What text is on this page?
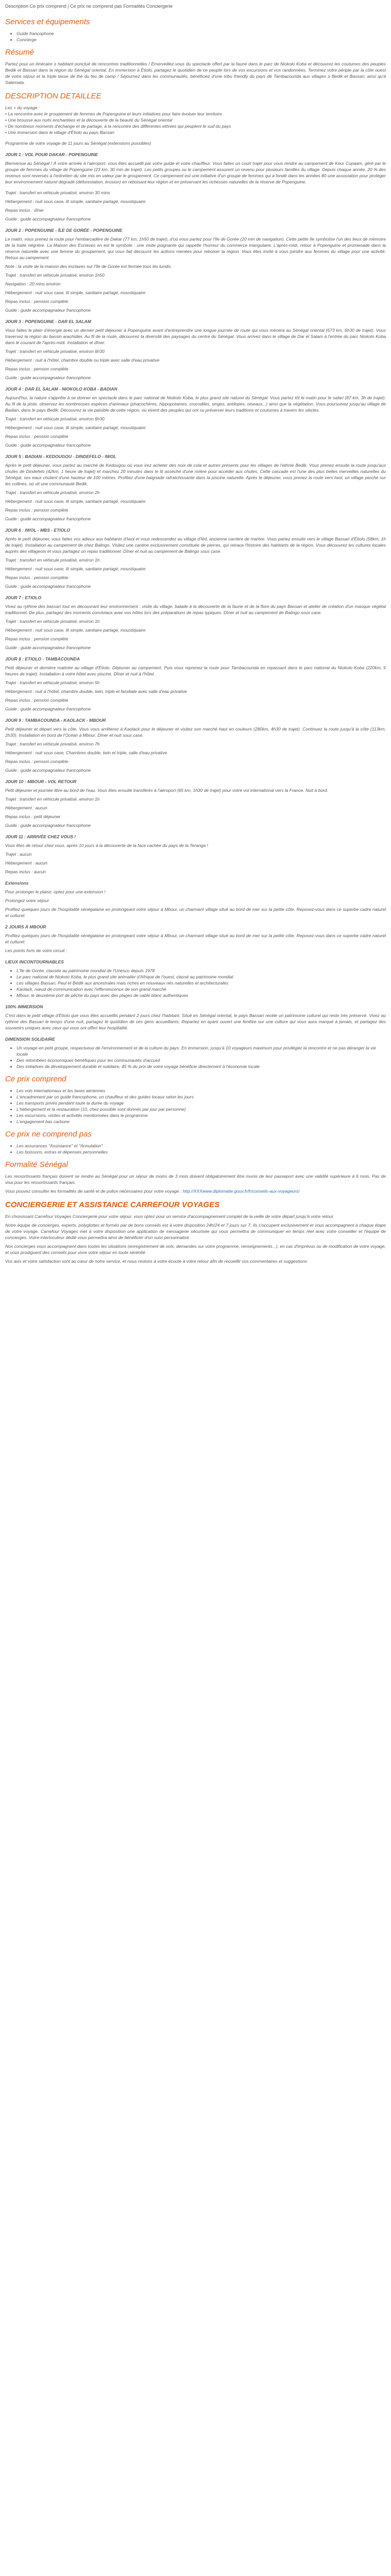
Description Ce prix comprend | Ce prix ne comprend pas Formalités Conciergerie
Services et équipements
• Guide francophone
• Concierge
Résumé

Partez pour un itinéraire ≥ habitant ponctué de rencontres traditionnelles ! Émerveillez-vous du spectacle offert par la faune dans le parc de Niokolo Koba et découvrez les coutumes des peuples Bedik et Bassari dans la région du Sénégal oriental. En immersion à Étiolo, partagez le quotidien de ce peuple lors de vos excursions et vos randonnées. Terminez votre périple par la côte ouest de votre séjour et la triple tasse de thé du feu de camp ! Séjournez dans les communautés, bénéficiez d'une tribu friendly du pays de Tambacounda aux villages ≥ Bedik et Bassari, ainsi qu'à Salemata.

DESCRIPTION DETAILLEE

Les + du voyage :

• La rencontre avec le groupement de femmes de Popenguine et leurs initiatives pour faire évoluer leur territoire

• Une brousse aux nuits enchantées et la découverte de la beauté du Sénégal oriental

• De nombreux moments d'échange et de partage, à la rencontre des différentes ethnies qui peuplent le sud du pays

• Une immersion dans le village d'Étiolo au pays Bassari

Programme de votre voyage de 11 jours au Sénégal (extensions possibles)

JOUR 1 : VOL POUR DAKAR - POPENGUINE

Bienvenue au Sénégal ! À votre arrivée à l'aéroport, vous êtes accueilli par votre guide et votre chauffeur. Vous faites un court trajet pour vous rendre au campement de Keur Cupaam, géré par le groupe de femmes du village de Popenguine (23 km, 30 min de trajet). Les petits groupes ou le campement assurent un revenu pour plusieurs familles du village. Depuis chaque année, 20 % des revenus sont reversés à l'entretien du site mis en valeur par le groupement. Ce campement est une initiative d'un groupe de femmes qui a fondé dans les années 80 une association pour protéger leur environnement naturel dégradé (déforestation, érosion) en reboisant leur région et en préservant les richesses naturelles de la réserve de Popenguine.

Trajet : transfert en véhicule privatisé, environ 30 mins

Hébergement : nuit sous case, lit simple, sanitaire partagé, moustiquaire

Repas inclus : dîner

Guide : guide accompagnateur francophone

JOUR 2 : POPENGUINE - ÎLE DE GORÉE - POPENGUINE

Le matin, vous prenez la route pour l'embarcadère de Dakar (77 km, 1h50 de trajet), d'où vous partez pour l'île de Gorée (20 min de navigation). Cette petite île symbolise l'un des lieux de mémoire de la traite négrière. La Maison des Esclaves en est le symbole : une visite poignante qui rappelle l'horreur du commerce triangulaire. L'après-midi, retour à Popenguine et promenade dans la réserve naturelle avec une femme du groupement, qui vous fait découvrir les actions menées pour reboiser la région. Vous êtes invité à vous joindre aux femmes du village pour une activité. Retour au campement.

Note : la visite de la maison des esclaves sur l'île de Gorée est fermée tous les lundis.

Trajet : transfert en véhicule privatisé, environ 1h50

Navigation : 20 mins environ

Hébergement : nuit sous case, lit simple, sanitaire partagé, moustiquaire

Repas inclus : pension complète

Guide : guide accompagnateur francophone

JOUR 3 : POPENGUINE - DAR EL SALAM

Vous faites le plein d'énergie avec un dernier petit déjeuner à Popenguine avant d'entreprendre une longue journée de route qui vous mènera au Sénégal oriental (673 km, 6h30 de trajet). Vous traversez la région du bassin arachidier. Au fil de la route, découvrez la diversité des paysages du centre du Sénégal. Vous arrivez dans le village de Dar el Salam à l'entrée du parc Niokolo Koba dans le courant de l'après-midi. Installation et dîner.

Trajet : transfert en véhicule privatisé, environ 6h30

Hébergement : nuit à l'hôtel, chambre double ou triple avec salle d'eau privative

Repas inclus : pension complète

Guide : guide accompagnateur francophone

JOUR 4 : DAR EL SALAM - NIOKOLO KOBA - BADIAN

Aujourd'hui, la nature s'apprête à se donner en spectacle dans le parc national de Niokolo Koba, le plus grand site naturel du Sénégal. Vous partez tôt le matin pour le safari (87 km, 3h de trajet). Au fil de la piste, observez les nombreuses espèces d'animaux (phacochères, hippopotames, crocodiles, singes, antilopes, oiseaux...) ainsi que la végétation. Vous poursuivez jusqu'au village de Badian, dans le pays Bedik. Découvrez la vie paisible de cette région, où vivent des peuples qui ont su préserver leurs traditions et coutumes à travers les siècles.

Trajet : transfert en véhicule privatisé, environ 6h30

Hébergement : nuit sous case, lit simple, sanitaire partagé, moustiquaire

Repas inclus : pension complète

Guide : guide accompagnateur francophone

JOUR 5 : BADIAN - KEDOUGOU - DINDEFELO - IWOL

Après le petit déjeuner, vous partez au marché de Kedougou où vous irez acheter des noix de cola et autres présents pour les villages de l'ethnie Bedik. Vous prenez ensuite la route jusqu'aux chutes de Dindefelo (42km, 1 heure de trajet) et marchez 20 minutes dans le lit asséché d'une rivière pour accéder aux chutes. Cette cascade est l'une des plus belles merveilles naturelles du Sénégal, ses eaux chutent d'une hauteur de 100 mètres. Profitez d'une baignade rafraîchissante dans la piscine naturelle. Après le déjeuner, vous prenez la route vers Iwol, un village perché sur les collines, où vit une communauté Bedik.

Trajet : transfert en véhicule privatisé, environ 2h

Hébergement : nuit sous case, lit simple, sanitaire partagé, moustiquaire

Repas inclus : pension complète

Guide : guide accompagnateur francophone

JOUR 6 : IWOL - MBS - ETIOLO

Après le petit déjeuner, vous faites vos adieux aux habitants d'Iwol et vous redescendez au village d'Iéd, ancienne carrière de marbre. Vous partez ensuite vers le village Bassari d'Étiolo (58km, 1h de trajet). Installation au campement de chez Balingo. Visitez une cantine exclusivement constituée de pierres, qui retrace l'histoire des habitants de la région. Vous découvrez les cultures locales auprès des villageois et vous partagez un repas traditionnel. Dîner et nuit au campement de Balingo sous case.

Trajet : transfert en véhicule privatisé, environ 1h

Hébergement : nuit sous case, lit simple, sanitaire partagé, moustiquaire

Repas inclus : pension complète

Guide : guide accompagnateur francophone

JOUR 7 : ETIOLO

Vivez au rythme des bassari tout en découvrant leur environnement : visite du village, balade à la découverte de la faune et de la flore du pays Bassari et atelier de création d'un masque végétal traditionnel. De plus, partagez des moments conviviaux avec vos hôtes lors des préparations de repas typiques. Dîner et nuit au campement de Balingo sous case.

Trajet : transfert en véhicule privatisé, environ 1h

Hébergement : nuit sous case, lit simple, sanitaire partagé, moustiquaire

Repas inclus : pension complète

Guide : guide accompagnateur francophone

JOUR 8 : ETIOLO - TAMBACOUNDA

Petit déjeuner et dernière matinée au village d'Étiolo. Déjeuner au campement. Puis vous reprenez la route pour Tambacounda en repassant dans le parc national du Niokolo Koba (220km, 5 heures de trajet). Installation à votre hôtel avec piscine. Dîner et nuit à l'hôtel.

Trajet : transfert en véhicule privatisé, environ 5h

Hébergement : nuit à l'hôtel, chambre double, twin, triple et familiale avec salle d'eau privative

Repas inclus : pension complète

Guide : guide accompagnateur francophone

JOUR 9 : TAMBACOUNDA - KAOLACK - MBOUR

Petit déjeuner et départ vers la côte. Vous vous arrêterez à Kaolack pour le déjeuner et visitez son marché haut en couleurs (280km, 4h30 de trajet). Continuez la route jusqu'à la côte (113km, 2h30). Installation en bord de l'Océan à Mbour. Dîner et nuit sous case.

Trajet : transfert en véhicule privatisé, environ 7h

Hébergement : nuit sous case, Chambres double, twin et triple, salle d'eau privative

Repas inclus : pension complète

Guide : guide accompagnateur francophone

JOUR 10 : MBOUR - VOL RETOUR

Petit déjeuner et journée libre au bord de l'eau. Vous êtes ensuite transférés à l'aéroport (65 km, 1h30 de trajet) pour votre vol international vers la France. Nuit à bord.

Trajet : transfert en véhicule privatisé, environ 1h

Hébergement : aucun

Repas inclus : petit déjeuner

Guide : guide accompagnateur francophone

JOUR 11 : ARRIVÉE CHEZ VOUS !

Vous êtes de retour chez vous, après 10 jours à la découverte de la face cachée du pays de la Teranga !

Trajet : aucun

Hébergement : aucun

Repas inclus : aucun

Extensions

Pour prolonger le plaisir, optez pour une extension !

Prolongez votre séjour

Profitez quelques jours de l'hospitalité sénégalaise en prolongeant votre séjour à Mbour, un charmant village situé au bord de mer sur la petite côte. Reposez-vous dans ce superbe cadre naturel et culturel.

2 JOURS À MBOUR

Profitez quelques jours de l'hospitalité sénégalaise en prolongeant votre séjour à Mbour, un charmant village situé au bord de mer sur la petite côte. Reposez-vous dans ce superbe cadre naturel et culturel.

Les points forts de votre circuit :

LIEUX INCONTOURNABLES
• L'île de Gorée, classée au patrimoine mondial de l'Unesco depuis 1978
• Le parc national de Niokolo Koba, le plus grand site animalier d'Afrique de l'ouest, classé au patrimoine mondial
• Les villages Bassari, Peul et Bedik aux ancestrales mais riches en nouveaux nés naturelles et architecturales
• Kaolack, nœud de communication avec l'effervescence de son grand marché
• Mbour, le deuxième port de pêche du pays avec des plages de sable blanc authentiques
100% IMMERSION

C'est dans le petit village d'Étiolo que vous êtes accueillis pendant 2 jours chez l'habitant. Situé en Sénégal oriental, le pays Bassari recèle un patrimoine culturel qui reste très préservé. Vivez au rythme des Bassari le temps d'une nuit, partagez le quotidien de ces gens accueillants. Repartez en ayant ouvert une fenêtre sur une culture qui vous aura marqué à jamais, et partagez des souvenirs uniques avec ceux qui vous ont offert leur hospitalité.

DIMENSION SOLIDAIRE
• Un voyage en petit groupe, respectueux de l'environnement et de la culture du pays. En immersion, jusqu'à 10 voyageurs maximum pour privilégier la rencontre et ne pas déranger la vie locale
• Des retombées économiques bénéfiques pour les communautés d'accueil
• Des initiatives de développement durable et solidaire, 45 % du prix de votre voyage bénéficie directement à l'économie locale
Ce prix comprend
• Les vols internationaux et les taxes aériennes
• L'encadrement par un guide francophone, un chauffeur et des guides locaux selon les jours
• Les transports privés pendant toute la durée du voyage
• L'hébergement et la restauration (10, chez possible sont donnés par jour par personne)
• Les excursions, visites et activités mentionnées dans le programme
• L'engagement bas carbone
Ce prix ne comprend pas
• Les assurances "Assistance" et "Annulation"
• Les boissons, extras et dépenses personnelles
Formalité Sénégal

Les ressortissants français doivent se rendre au Sénégal pour un séjour de moins de 3 mois doivent obligatoirement être munis de leur passeport avec une validité supérieure à 6 mois. Pas de visa pour les ressortissants français.

Vous pouvez consulter les formalités de santé et de police nécessaires pour votre voyage : http://XXXwww.diplomatie.gouv.fr/fr/conseils-aux-voyageurs/

CONCIERGERIE ET ASSISTANCE CARREFOUR VOYAGES

En choisissant Carrefour Voyages Conciergerie pour votre séjour, vous optez pour un service d'accompagnement complet de la veille de votre départ jusqu'à votre retour.

Notre équipe de concierges, experts, polyglottes et formés par de bons conseils est à votre disposition 24h/24 et 7 jours sur 7. Ils s'occupent exclusivement et vous accompagnent à chaque étape de votre voyage. Carrefour Voyages met à votre disposition une application de messagerie sécurisée qui vous permettra de communiquer en temps réel avec votre conseiller et l'équipe de concierges. Votre interlocuteur dédié vous permettra ainsi de bénéficier d'un suivi personnalisé.

Nos concierges vous accompagnent dans toutes les situations (enregistrement de vols, demandes sur votre programme, renseignements...), en cas d'imprévus ou de modification de votre voyage, et vous prodiguent des conseils pour vivre votre séjour en toute sérénité.

Vos avis et votre satisfaction sont au cœur de notre service, et nous restons à votre écoute à votre retour afin de recueillir vos commentaires et suggestions.
